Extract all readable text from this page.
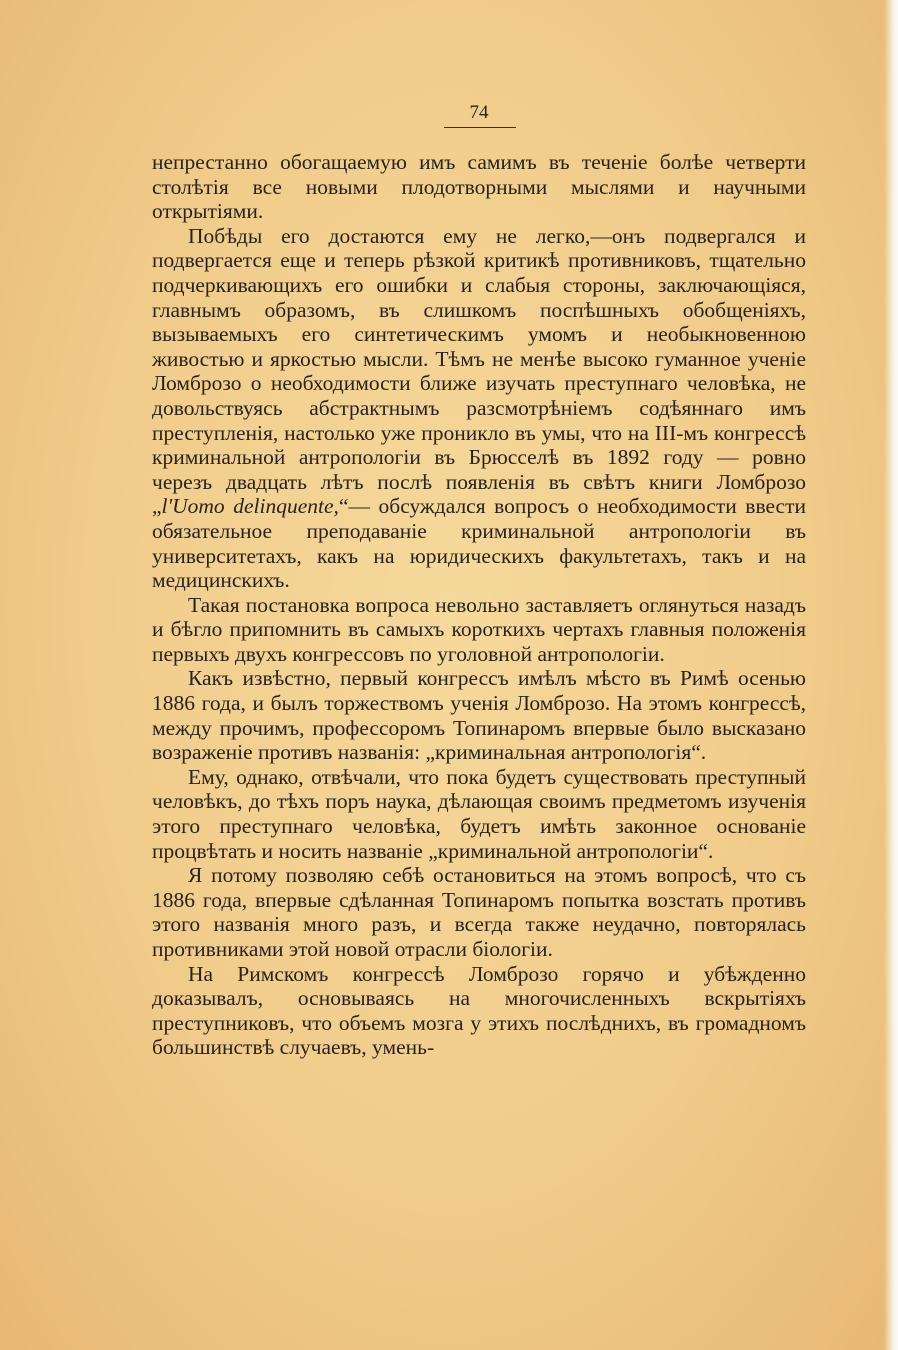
74

непрестанно обогащаемую имъ самимъ въ теченіе болѣе четверти столѣтія все новыми плодотворными мыслями и научными открытіями.

Побѣды его достаются ему не легко,—онъ подвергался и подвергается еще и теперь рѣзкой критикѣ противниковъ, тщательно подчеркивающихъ его ошибки и слабыя стороны, заключающіяся, главнымъ образомъ, въ слишкомъ поспѣшныхъ обобщеніяхъ, вызываемыхъ его синтетическимъ умомъ и необыкновенною живостью и яркостью мысли. Тѣмъ не менѣе высоко гуманное ученіе Ломброзо о необходимости ближе изучать преступнаго человѣка, не довольствуясь абстрактнымъ разсмотрѣніемъ содѣяннаго имъ преступленія, настолько уже проникло въ умы, что на III-мъ конгрессѣ криминальной антропологіи въ Брюсселѣ въ 1892 году — ровно черезъ двадцать лѣтъ послѣ появленія въ свѣтъ книги Ломброзо „l'Uomo delinquente,“— обсуждался вопросъ о необходимости ввести обязательное преподаваніе криминальной антропологіи въ университетахъ, какъ на юридическихъ факультетахъ, такъ и на медицинскихъ.

Такая постановка вопроса невольно заставляетъ оглянуться назадъ и бѣгло припомнить въ самыхъ короткихъ чертахъ главныя положенія первыхъ двухъ конгрессовъ по уголовной антропологіи.

Какъ извѣстно, первый конгрессъ имѣлъ мѣсто въ Римѣ осенью 1886 года, и былъ торжествомъ ученія Ломброзо. На этомъ конгрессѣ, между прочимъ, профессоромъ Топинаромъ впервые было высказано возраженіе противъ названія: „криминальная антропологія“.

Ему, однако, отвѣчали, что пока будетъ существовать преступный человѣкъ, до тѣхъ поръ наука, дѣлающая своимъ предметомъ изученія этого преступнаго человѣка, будетъ имѣть законное основаніе процвѣтать и носить названіе „криминальной антропологіи“.

Я потому позволяю себѣ остановиться на этомъ вопросѣ, что съ 1886 года, впервые сдѣланная Топинаромъ попытка возстать противъ этого названія много разъ, и всегда также неудачно, повторялась противниками этой новой отрасли біологіи.

На Римскомъ конгрессѣ Ломброзо горячо и убѣжденно доказывалъ, основываясь на многочисленныхъ вскрытіяхъ преступниковъ, что объемъ мозга у этихъ послѣднихъ, въ громадномъ большинствѣ случаевъ, умень-
